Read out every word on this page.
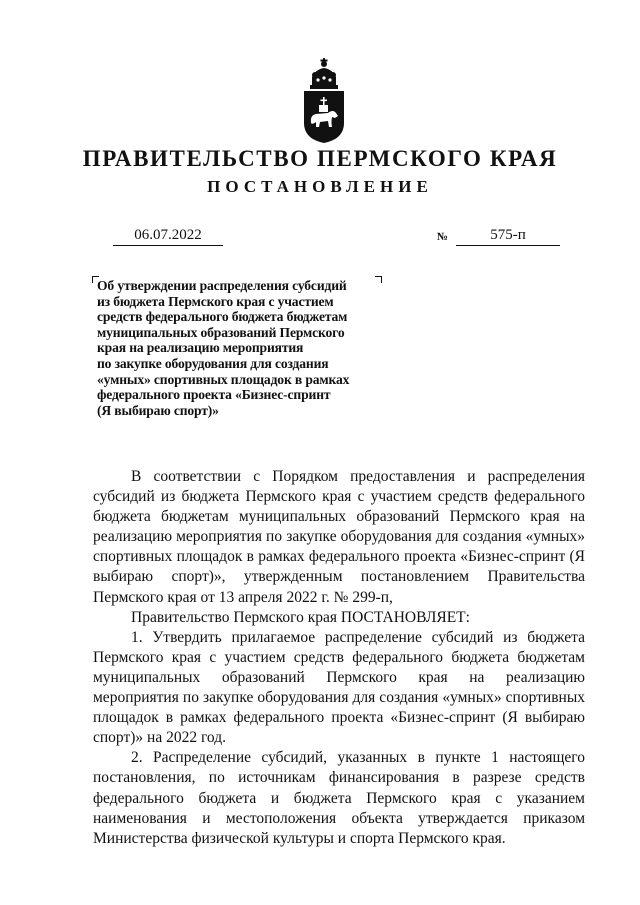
ПРАВИТЕЛЬСТВО ПЕРМСКОГО КРАЯ
ПОСТАНОВЛЕНИЕ
06.07.2022	№	575-п
Об утверждении распределения субсидий
из бюджета Пермского края с участием
средств федерального бюджета бюджетам
муниципальных образований Пермского
края на реализацию мероприятия
по закупке оборудования для создания
«умных» спортивных площадок в рамках
федерального проекта «Бизнес-спринт
(Я выбираю спорт)»

В соответствии с Порядком предоставления и распределения субсидий из бюджета Пермского края с участием средств федерального бюджета бюджетам муниципальных образований Пермского края на реализацию мероприятия по закупке оборудования для создания «умных» спортивных площадок в рамках федерального проекта «Бизнес-спринт (Я выбираю спорт)», утвержденным постановлением Правительства Пермского края от 13 апреля 2022 г. № 299-п,

Правительство Пермского края ПОСТАНОВЛЯЕТ:

1. Утвердить прилагаемое распределение субсидий из бюджета Пермского края с участием средств федерального бюджета бюджетам муниципальных образований Пермского края на реализацию мероприятия по закупке оборудования для создания «умных» спортивных площадок в рамках федерального проекта «Бизнес-спринт (Я выбираю спорт)» на 2022 год.

2. Распределение субсидий, указанных в пункте 1 настоящего постановления, по источникам финансирования в разрезе средств федерального бюджета и бюджета Пермского края с указанием наименования и местоположения объекта утверждается приказом Министерства физической культуры и спорта Пермского края.
